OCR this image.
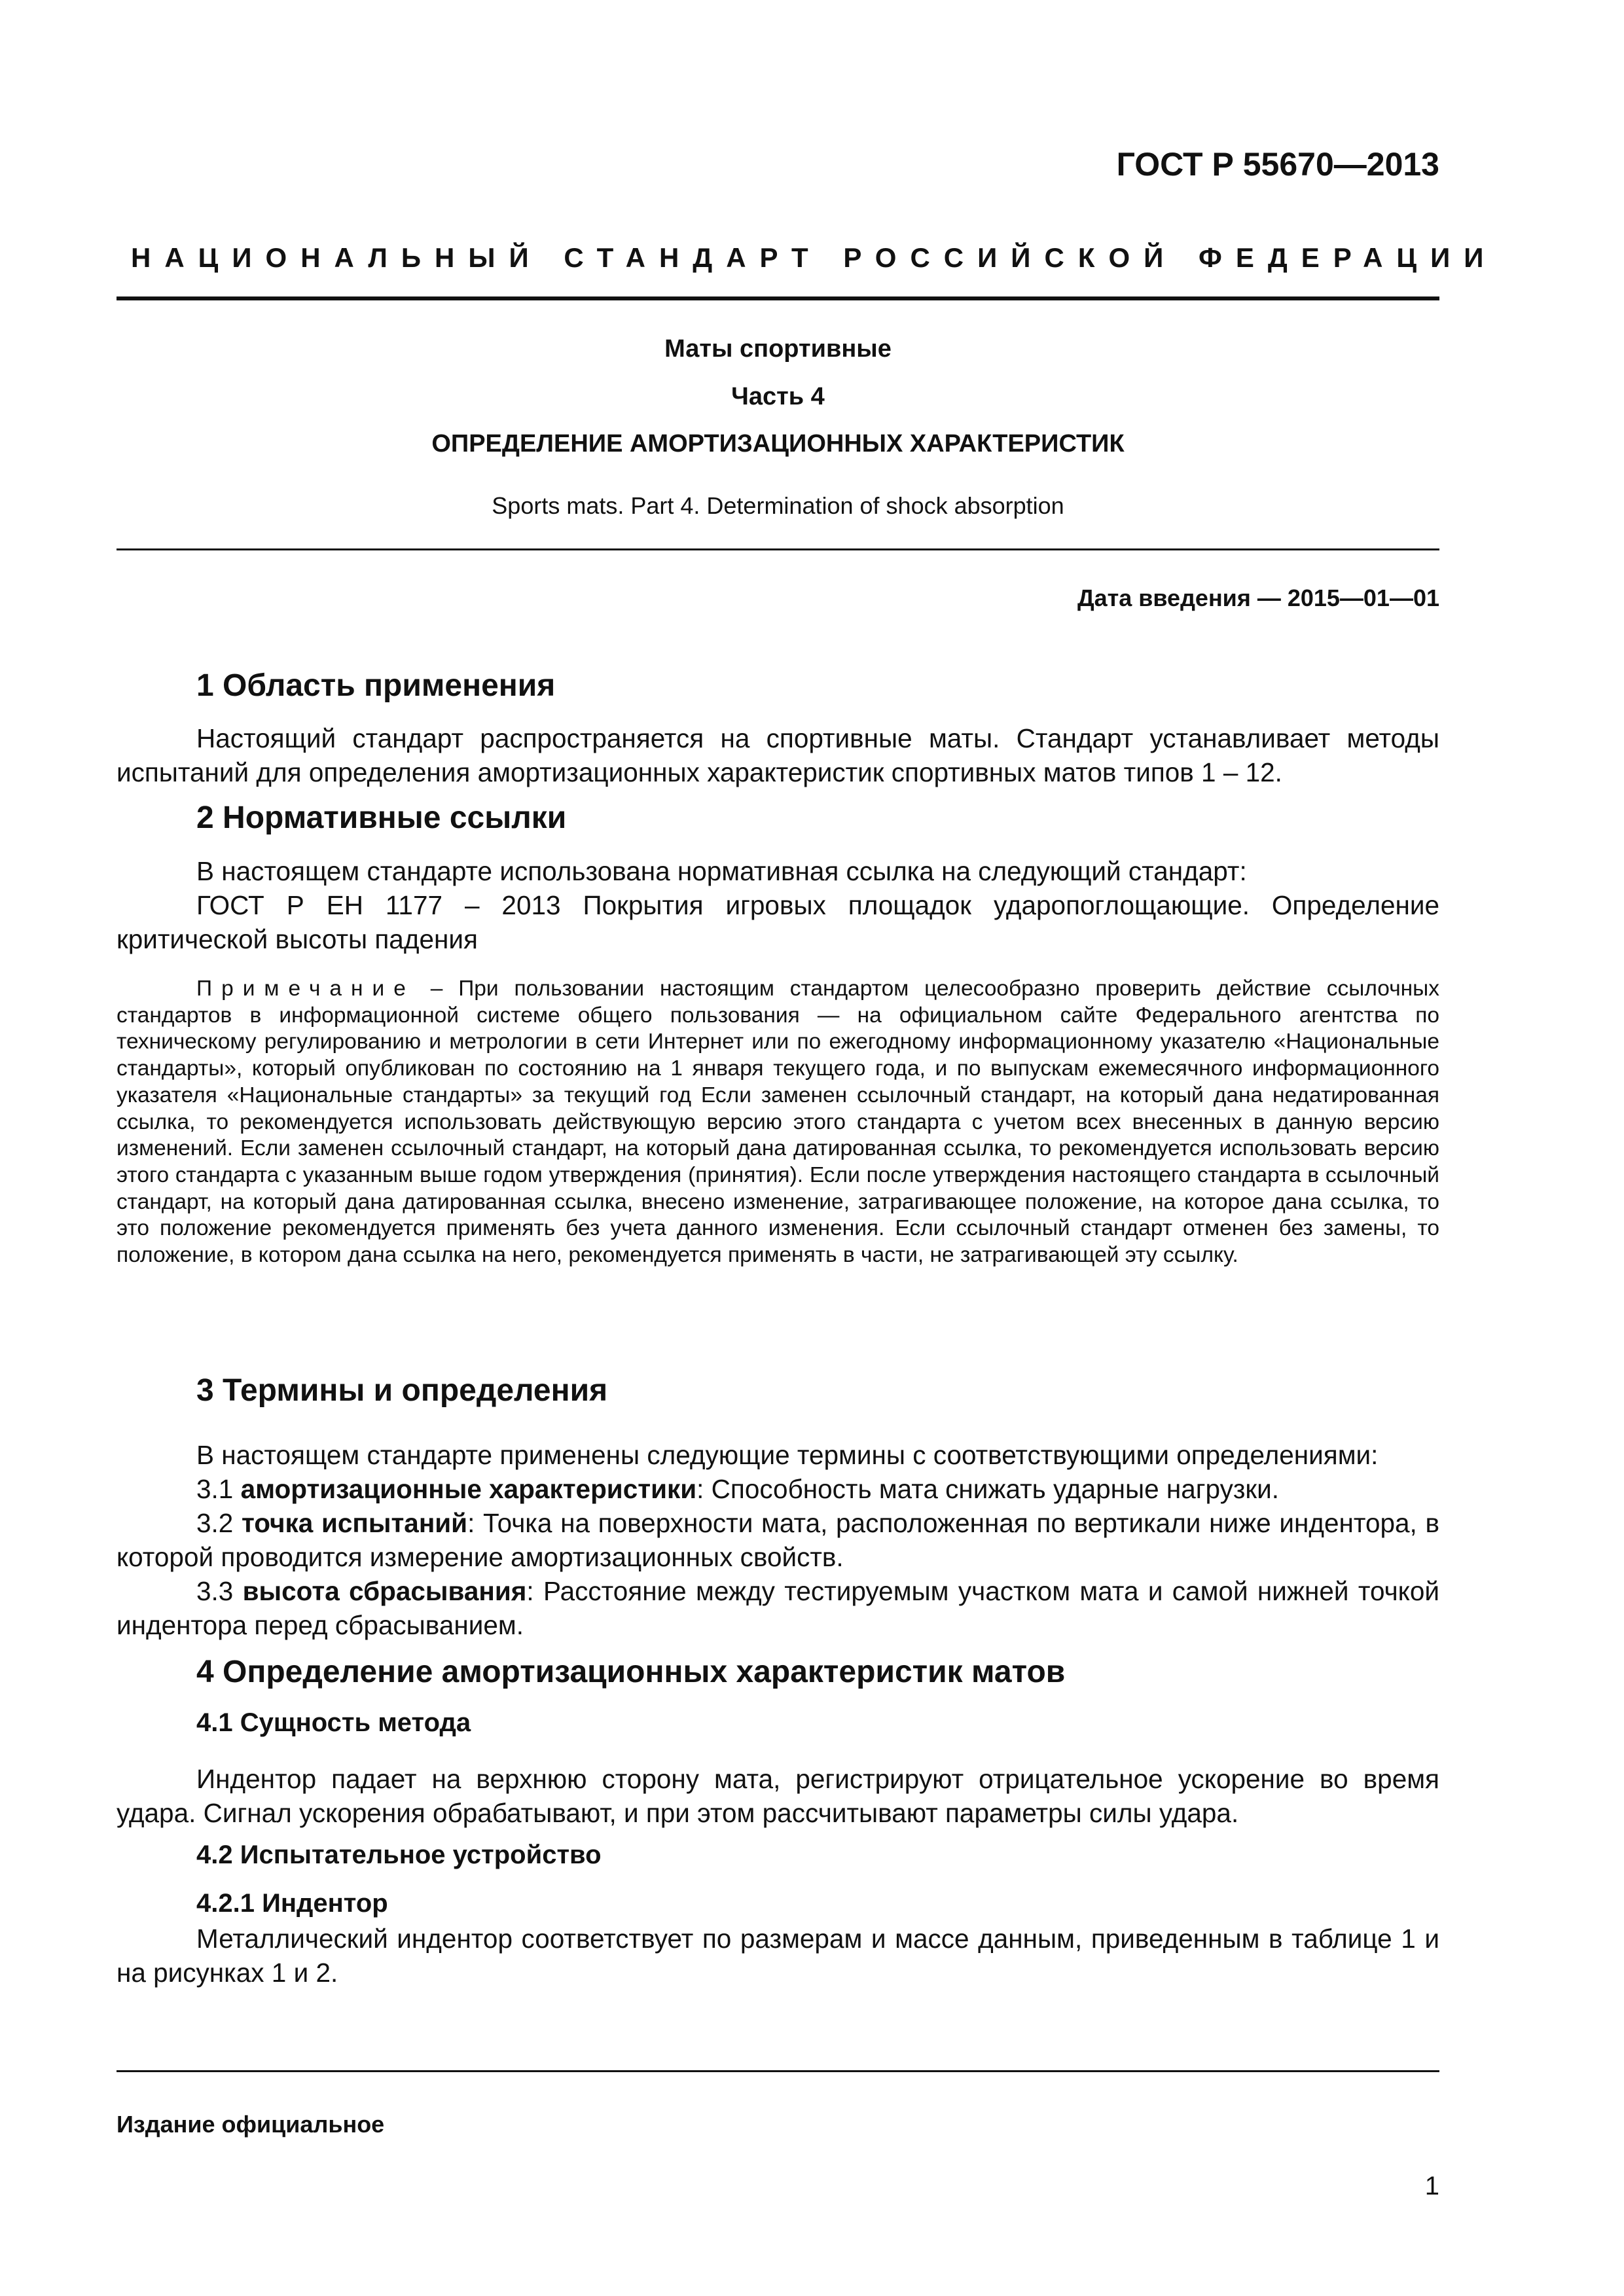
ГОСТ Р 55670—2013
НАЦИОНАЛЬНЫЙ СТАНДАРТ РОССИЙСКОЙ ФЕДЕРАЦИИ
Маты спортивные
Часть 4
ОПРЕДЕЛЕНИЕ АМОРТИЗАЦИОННЫХ ХАРАКТЕРИСТИК
Sports mats. Part 4. Determination of shock absorption
Дата введения — 2015—01—01
1 Область применения

Настоящий стандарт распространяется на спортивные маты. Стандарт устанавливает методы испытаний для определения амортизационных характеристик спортивных матов типов 1 – 12.

2 Нормативные ссылки

В настоящем стандарте использована нормативная ссылка на следующий стандарт:

ГОСТ Р ЕН 1177 – 2013 Покрытия игровых площадок ударопоглощающие. Определение критической высоты падения

Примечание – При пользовании настоящим стандартом целесообразно проверить действие ссылочных стандартов в информационной системе общего пользования — на официальном сайте Федерального агентства по техническому регулированию и метрологии в сети Интернет или по ежегодному информационному указателю «Национальные стандарты», который опубликован по состоянию на 1 января текущего года, и по выпускам ежемесячного информационного указателя «Национальные стандарты» за текущий год Если заменен ссылочный стандарт, на который дана недатированная ссылка, то рекомендуется использовать действующую версию этого стандарта с учетом всех внесенных в данную версию изменений. Если заменен ссылочный стандарт, на который дана датированная ссылка, то рекомендуется использовать версию этого стандарта с указанным выше годом утверждения (принятия). Если после утверждения настоящего стандарта в ссылочный стандарт, на который дана датированная ссылка, внесено изменение, затрагивающее положение, на которое дана ссылка, то это положение рекомендуется применять без учета данного изменения. Если ссылочный стандарт отменен без замены, то положение, в котором дана ссылка на него, рекомендуется применять в части, не затрагивающей эту ссылку.

3 Термины и определения

В настоящем стандарте применены следующие термины с соответствующими определениями:

3.1 амортизационные характеристики: Способность мата снижать ударные нагрузки.

3.2 точка испытаний: Точка на поверхности мата, расположенная по вертикали ниже индентора, в которой проводится измерение амортизационных свойств.

3.3 высота сбрасывания: Расстояние между тестируемым участком мата и самой нижней точкой индентора перед сбрасыванием.

4 Определение амортизационных характеристик матов
4.1 Сущность метода

Индентор падает на верхнюю сторону мата, регистрируют отрицательное ускорение во время удара. Сигнал ускорения обрабатывают, и при этом рассчитывают параметры силы удара.

4.2 Испытательное устройство
4.2.1 Индентор

Металлический индентор соответствует по размерам и массе данным, приведенным в таблице 1 и на рисунках 1 и 2.

Издание официальное
1
